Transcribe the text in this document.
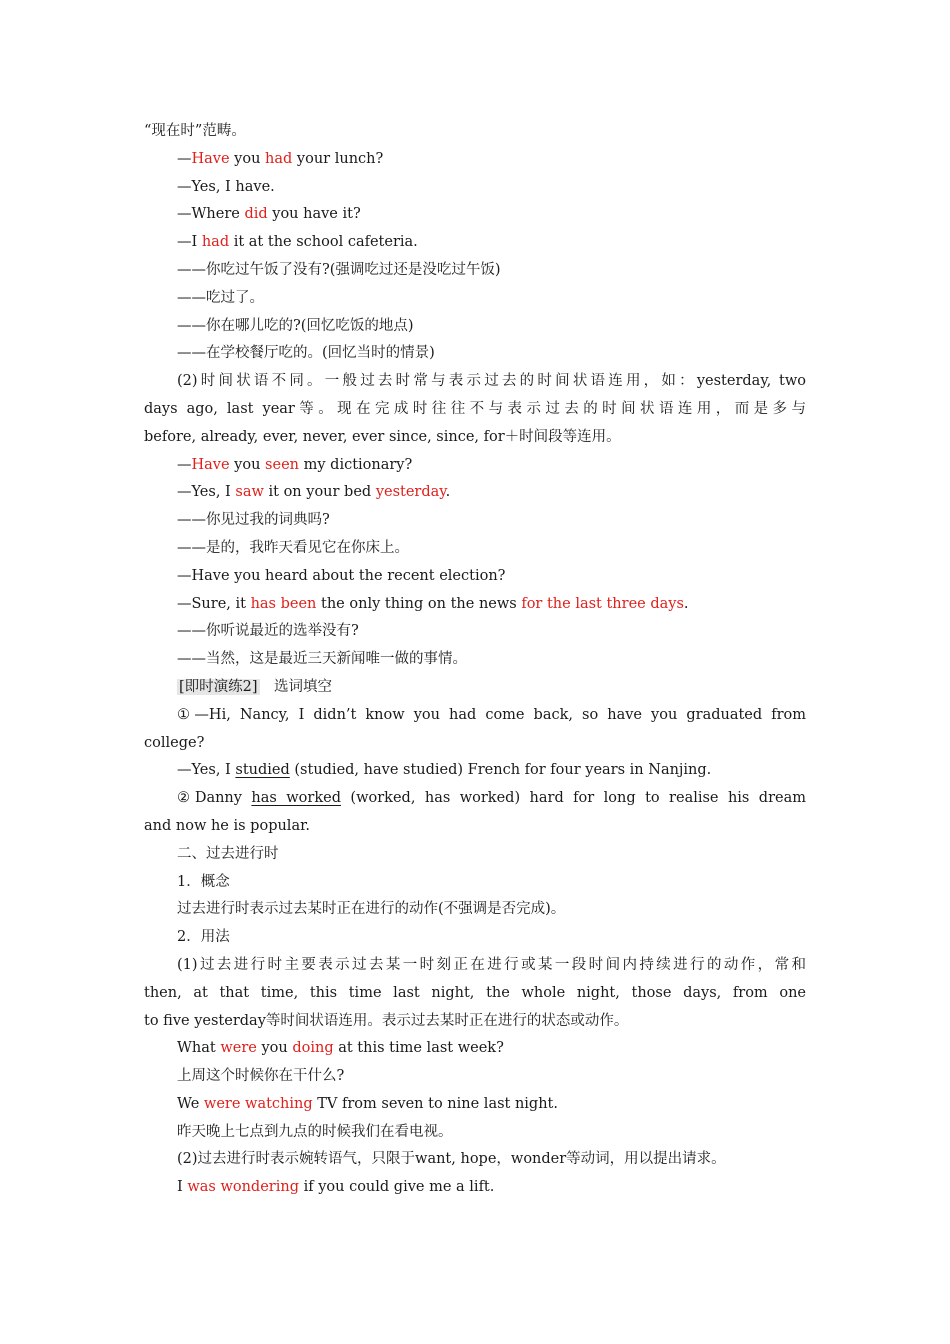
“现在时”范畴。
—Have you had your lunch?
—Yes, I have.
—Where did you have it?
—I had it at the school cafeteria.
——你吃过午饭了没有?(强调吃过还是没吃过午饭)
——吃过了。
——你在哪儿吃的?(回忆吃饭的地点)
——在学校餐厅吃的。(回忆当时的情景)
(2)时间状语不同。一般过去时常与表示过去的时间状语连用，如：yesterday, two
days ago, last year等。现在完成时往往不与表示过去的时间状语连用，而是多与
before, already, ever, never, ever since, since, for＋时间段等连用。
—Have you seen my dictionary?
—Yes, I saw it on your bed yesterday.
——你见过我的词典吗?
——是的，我昨天看见它在你床上。
—Have you heard about the recent election?
—Sure, it has been the only thing on the news for the last three days.
——你听说最近的选举没有?
——当然，这是最近三天新闻唯一做的事情。
[即时演练2]　选词填空
①—Hi, Nancy, I didn’t know you had come back, so have you graduated from
college?
—Yes, I studied (studied, have studied) French for four years in Nanjing.
②Danny has worked (worked, has worked) hard for long to realise his dream
and now he is popular.
二、过去进行时
1．概念
过去进行时表示过去某时正在进行的动作(不强调是否完成)。
2．用法
(1)过去进行时主要表示过去某一时刻正在进行或某一段时间内持续进行的动作，常和
then, at that time, this time last night, the whole night, those days, from one
to five yesterday等时间状语连用。表示过去某时正在进行的状态或动作。
What were you doing at this time last week?
上周这个时候你在干什么?
We were watching TV from seven to nine last night.
昨天晚上七点到九点的时候我们在看电视。
(2)过去进行时表示婉转语气，只限于want, hope，wonder等动词，用以提出请求。
I was wondering if you could give me a lift.
